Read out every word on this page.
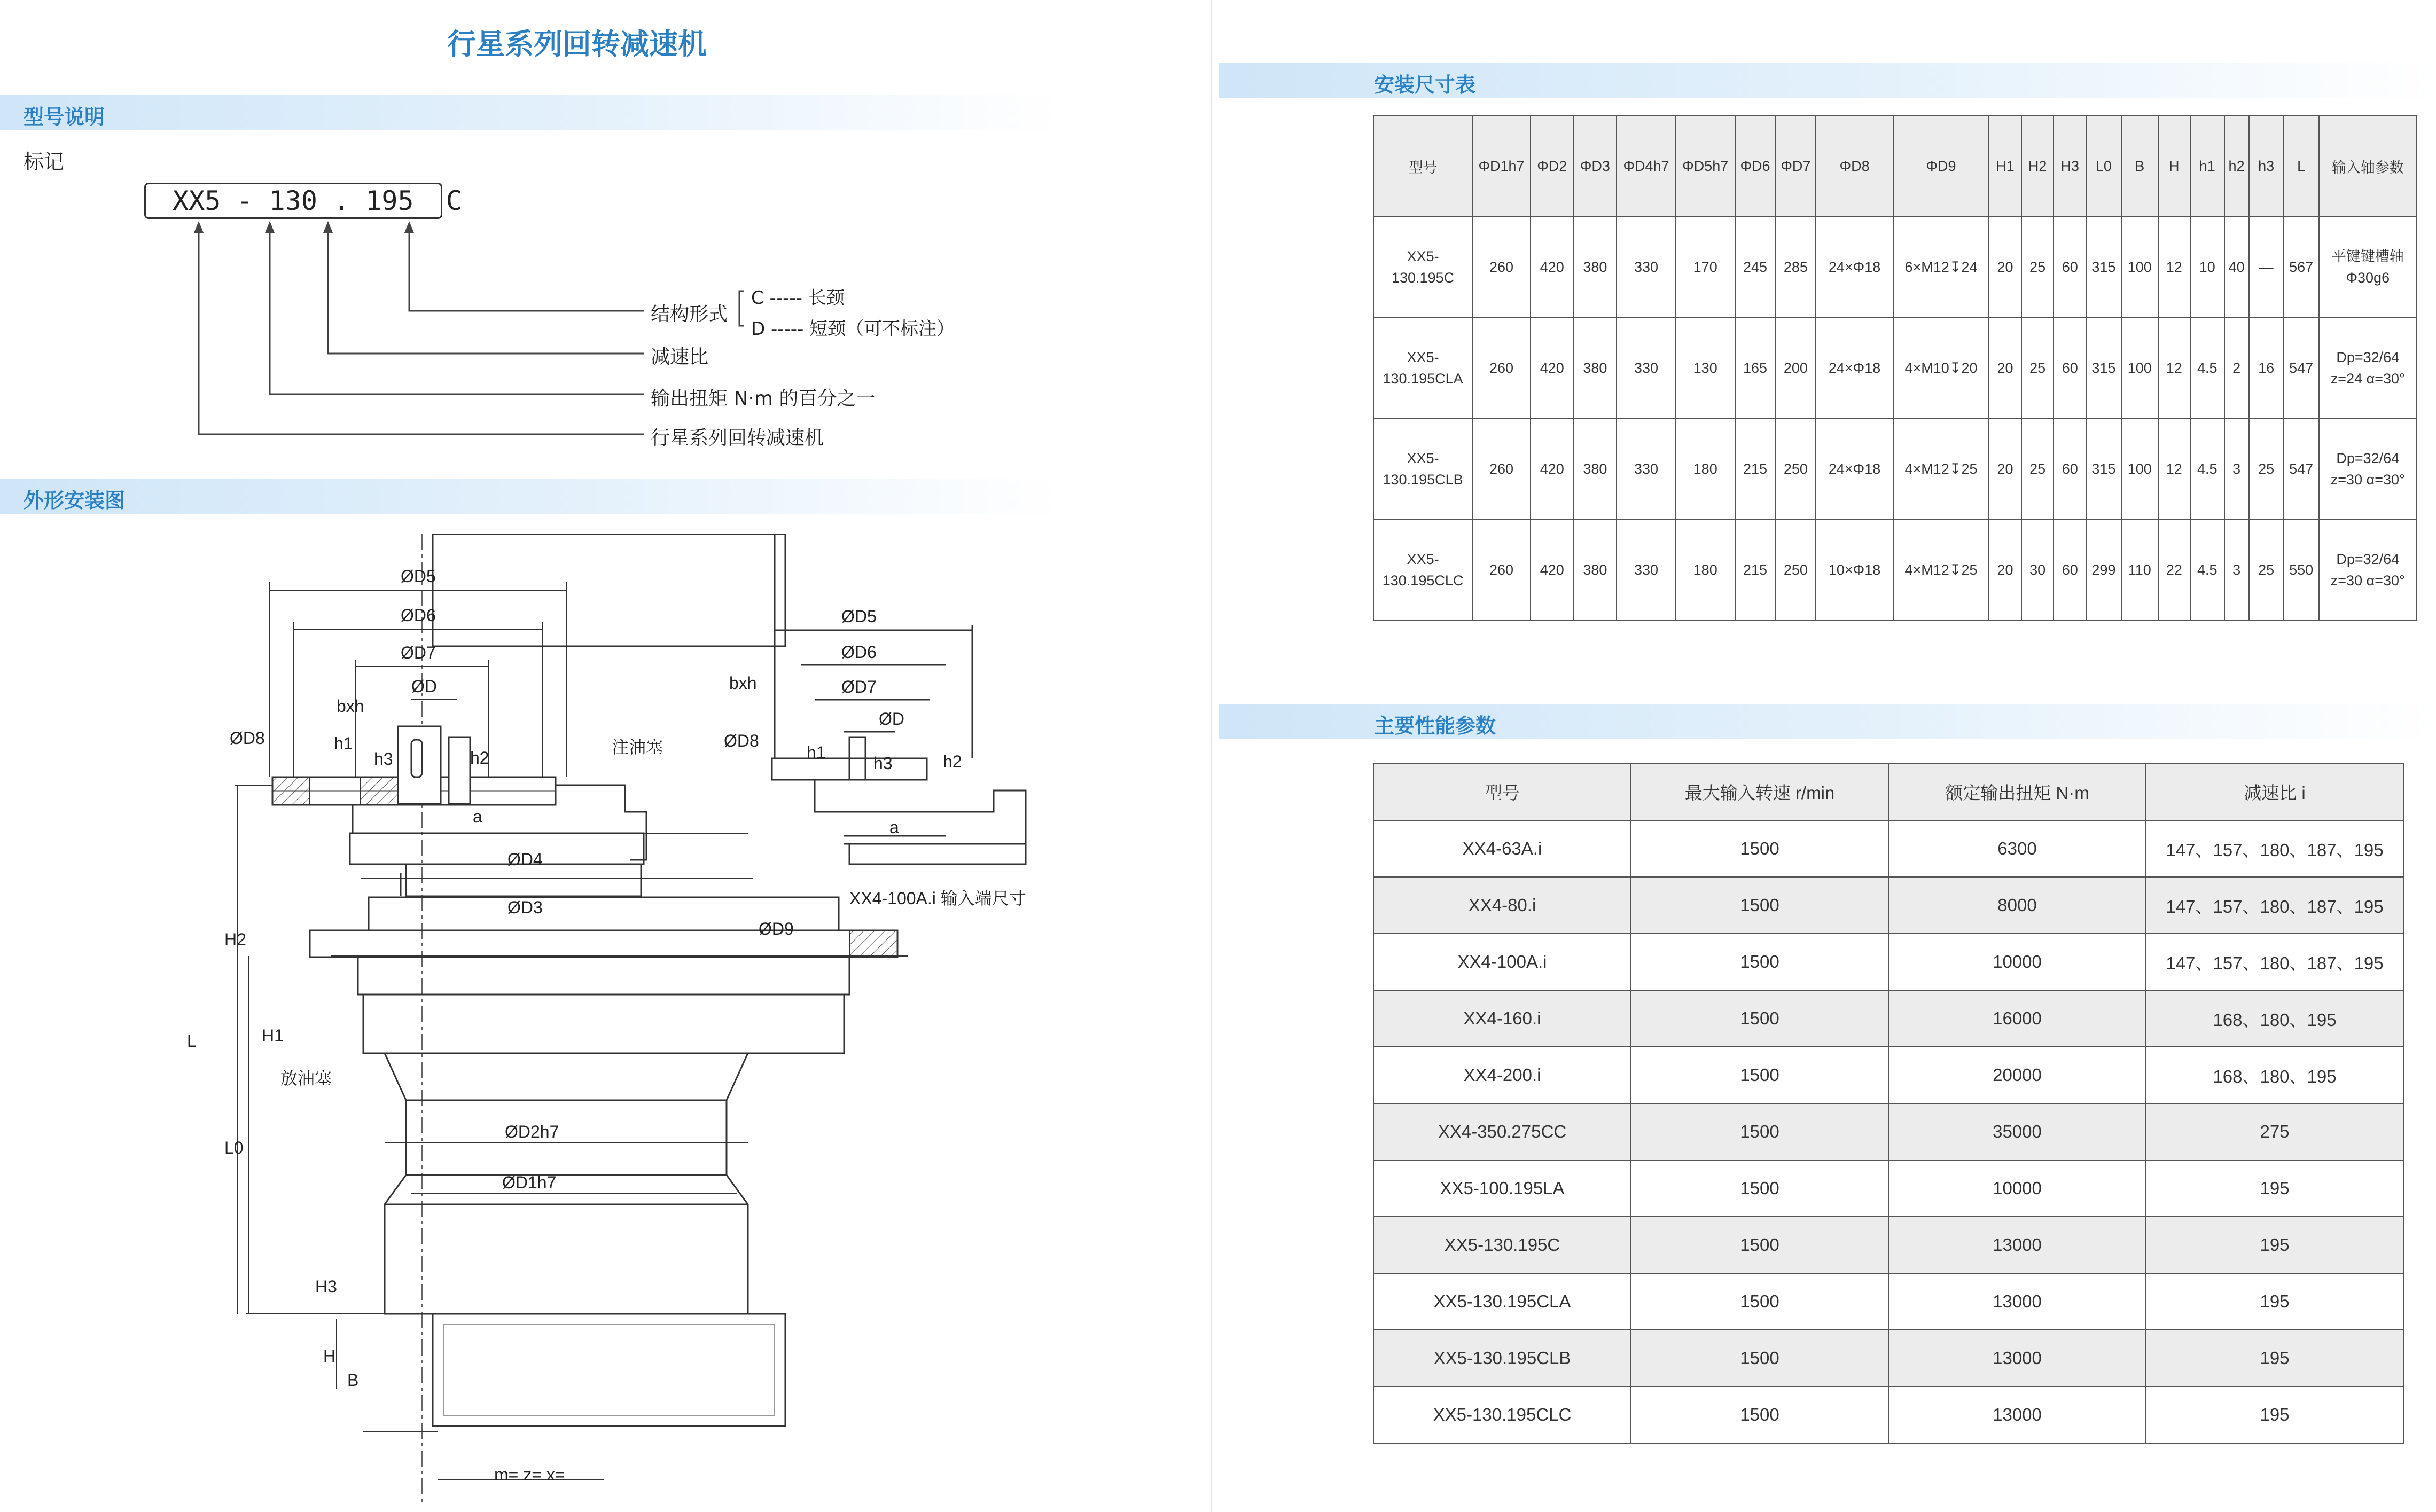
行星系列回转减速机
型号说明
标记
XX5 - 130 . 195  C
结构形式
C ----- 长颈
D ----- 短颈（可不标注）
减速比
输出扭矩 N·m 的百分之一
行星系列回转减速机
外形安装图
ØD5
ØD6
ØD7
ØD
bxh
ØD8	h1
h3	h2
a
注油塞
ØD4
ØD3
ØD9
H2
H1
L
L0
放油塞
ØD2h7
ØD1h7
H3
H
B
m= z= x=
ØD5
ØD6
ØD7
ØD
bxh
ØD8
h1
h3	h2
a
XX4-100A.i 输入端尺寸
安装尺寸表
型号	ΦD1h7	ΦD2	ΦD3	ΦD4h7	ΦD5h7	ΦD6	ΦD7	ΦD8	ΦD9	H1	H2	H3	L0	B	H	h1	h2	h3	L	输入轴参数
XX5-
130.195C	260	420	380	330	170	245	285	24×Φ18	6×M12↧24	20	25	60	315	100	12	10	40	—	567	平键键槽轴
Φ30g6
XX5-
130.195CLA	260	420	380	330	130	165	200	24×Φ18	4×M10↧20	20	25	60	315	100	12	4.5	2	16	547	Dp=32/64
z=24 α=30°
XX5-
130.195CLB	260	420	380	330	180	215	250	24×Φ18	4×M12↧25	20	25	60	315	100	12	4.5	3	25	547	Dp=32/64
z=30 α=30°
XX5-
130.195CLC	260	420	380	330	180	215	250	10×Φ18	4×M12↧25	20	30	60	299	110	22	4.5	3	25	550	Dp=32/64
z=30 α=30°
主要性能参数
型号	最大输入转速 r/min	额定输出扭矩 N·m	减速比 i
XX4-63A.i	1500	6300	147、157、180、187、195
XX4-80.i	1500	8000	147、157、180、187、195
XX4-100A.i	1500	10000	147、157、180、187、195
XX4-160.i	1500	16000	168、180、195
XX4-200.i	1500	20000	168、180、195
XX4-350.275CC	1500	35000	275
XX5-100.195LA	1500	10000	195
XX5-130.195C	1500	13000	195
XX5-130.195CLA	1500	13000	195
XX5-130.195CLB	1500	13000	195
XX5-130.195CLC	1500	13000	195
